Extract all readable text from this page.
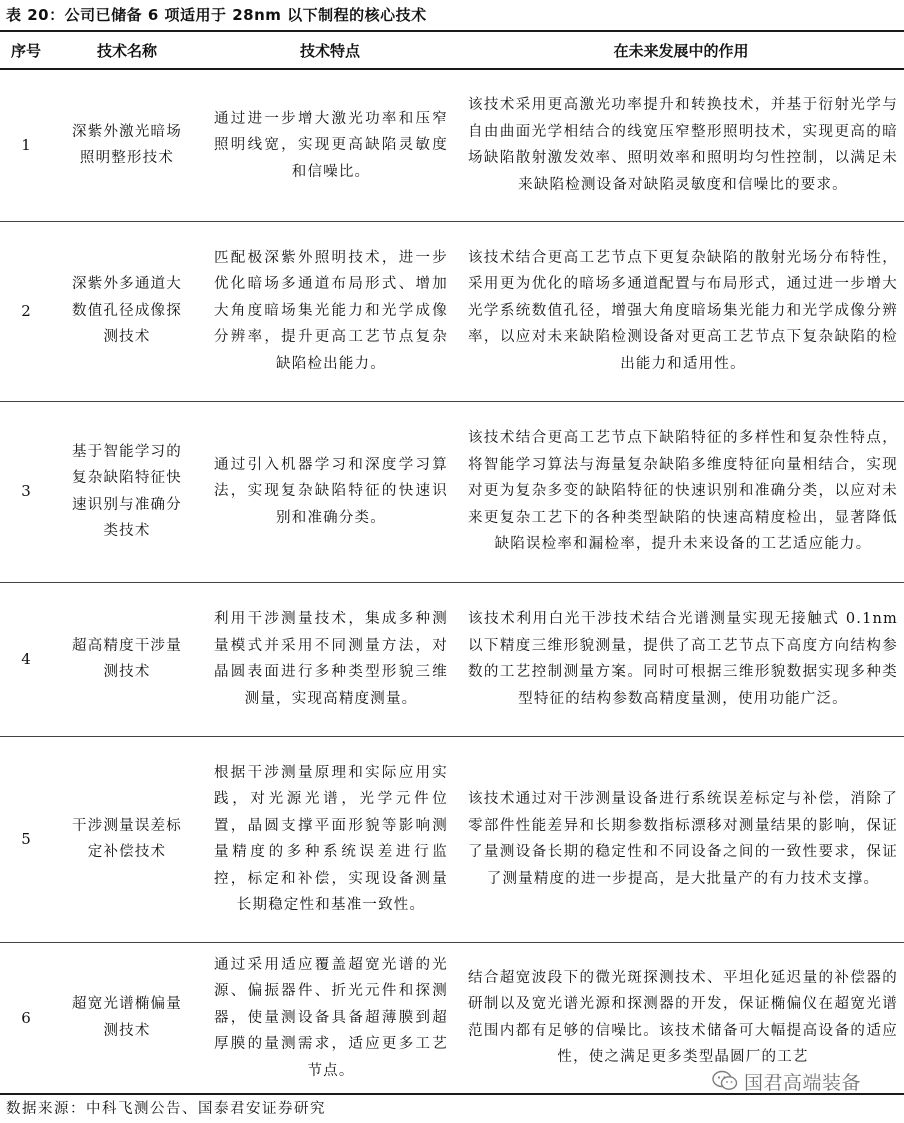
表 20：公司已储备 6 项适用于 28nm 以下制程的核心技术
序号	技术名称	技术特点	在未来发展中的作用
1	深紫外激光暗场照明整形技术	通过进一步增大激光功率和压窄照明线宽，实现更高缺陷灵敏度和信噪比。	该技术采用更高激光功率提升和转换技术，并基于衍射光学与自由曲面光学相结合的线宽压窄整形照明技术，实现更高的暗场缺陷散射激发效率、照明效率和照明均匀性控制，以满足未来缺陷检测设备对缺陷灵敏度和信噪比的要求。
2	深紫外多通道大数值孔径成像探测技术	匹配极深紫外照明技术，进一步优化暗场多通道布局形式、增加大角度暗场集光能力和光学成像分辨率，提升更高工艺节点复杂缺陷检出能力。	该技术结合更高工艺节点下更复杂缺陷的散射光场分布特性，采用更为优化的暗场多通道配置与布局形式，通过进一步增大光学系统数值孔径，增强大角度暗场集光能力和光学成像分辨率，以应对未来缺陷检测设备对更高工艺节点下复杂缺陷的检出能力和适用性。
3	基于智能学习的复杂缺陷特征快速识别与准确分类技术	通过引入机器学习和深度学习算法，实现复杂缺陷特征的快速识别和准确分类。	该技术结合更高工艺节点下缺陷特征的多样性和复杂性特点，将智能学习算法与海量复杂缺陷多维度特征向量相结合，实现对更为复杂多变的缺陷特征的快速识别和准确分类，以应对未来更复杂工艺下的各种类型缺陷的快速高精度检出，显著降低缺陷误检率和漏检率，提升未来设备的工艺适应能力。
4	超高精度干涉量测技术	利用干涉测量技术，集成多种测量模式并采用不同测量方法，对晶圆表面进行多种类型形貌三维测量，实现高精度测量。	该技术利用白光干涉技术结合光谱测量实现无接触式 0.1nm 以下精度三维形貌测量，提供了高工艺节点下高度方向结构参数的工艺控制测量方案。同时可根据三维形貌数据实现多种类型特征的结构参数高精度量测，使用功能广泛。
5	干涉测量误差标定补偿技术	根据干涉测量原理和实际应用实践，对光源光谱，光学元件位置，晶圆支撑平面形貌等影响测量精度的多种系统误差进行监控，标定和补偿，实现设备测量长期稳定性和基准一致性。	该技术通过对干涉测量设备进行系统误差标定与补偿，消除了零部件性能差异和长期参数指标漂移对测量结果的影响，保证了量测设备长期的稳定性和不同设备之间的一致性要求，保证了测量精度的进一步提高，是大批量产的有力技术支撑。
6	超宽光谱椭偏量测技术	通过采用适应覆盖超宽光谱的光源、偏振器件、折光元件和探测器，使量测设备具备超薄膜到超厚膜的量测需求，适应更多工艺节点。	结合超宽波段下的微光斑探测技术、平坦化延迟量的补偿器的研制以及宽光谱光源和探测器的开发，保证椭偏仪在超宽光谱范围内都有足够的信噪比。该技术储备可大幅提高设备的适应性，使之满足更多类型晶圆厂的工艺
国君高端装备
数据来源：中科飞测公告、国泰君安证券研究
